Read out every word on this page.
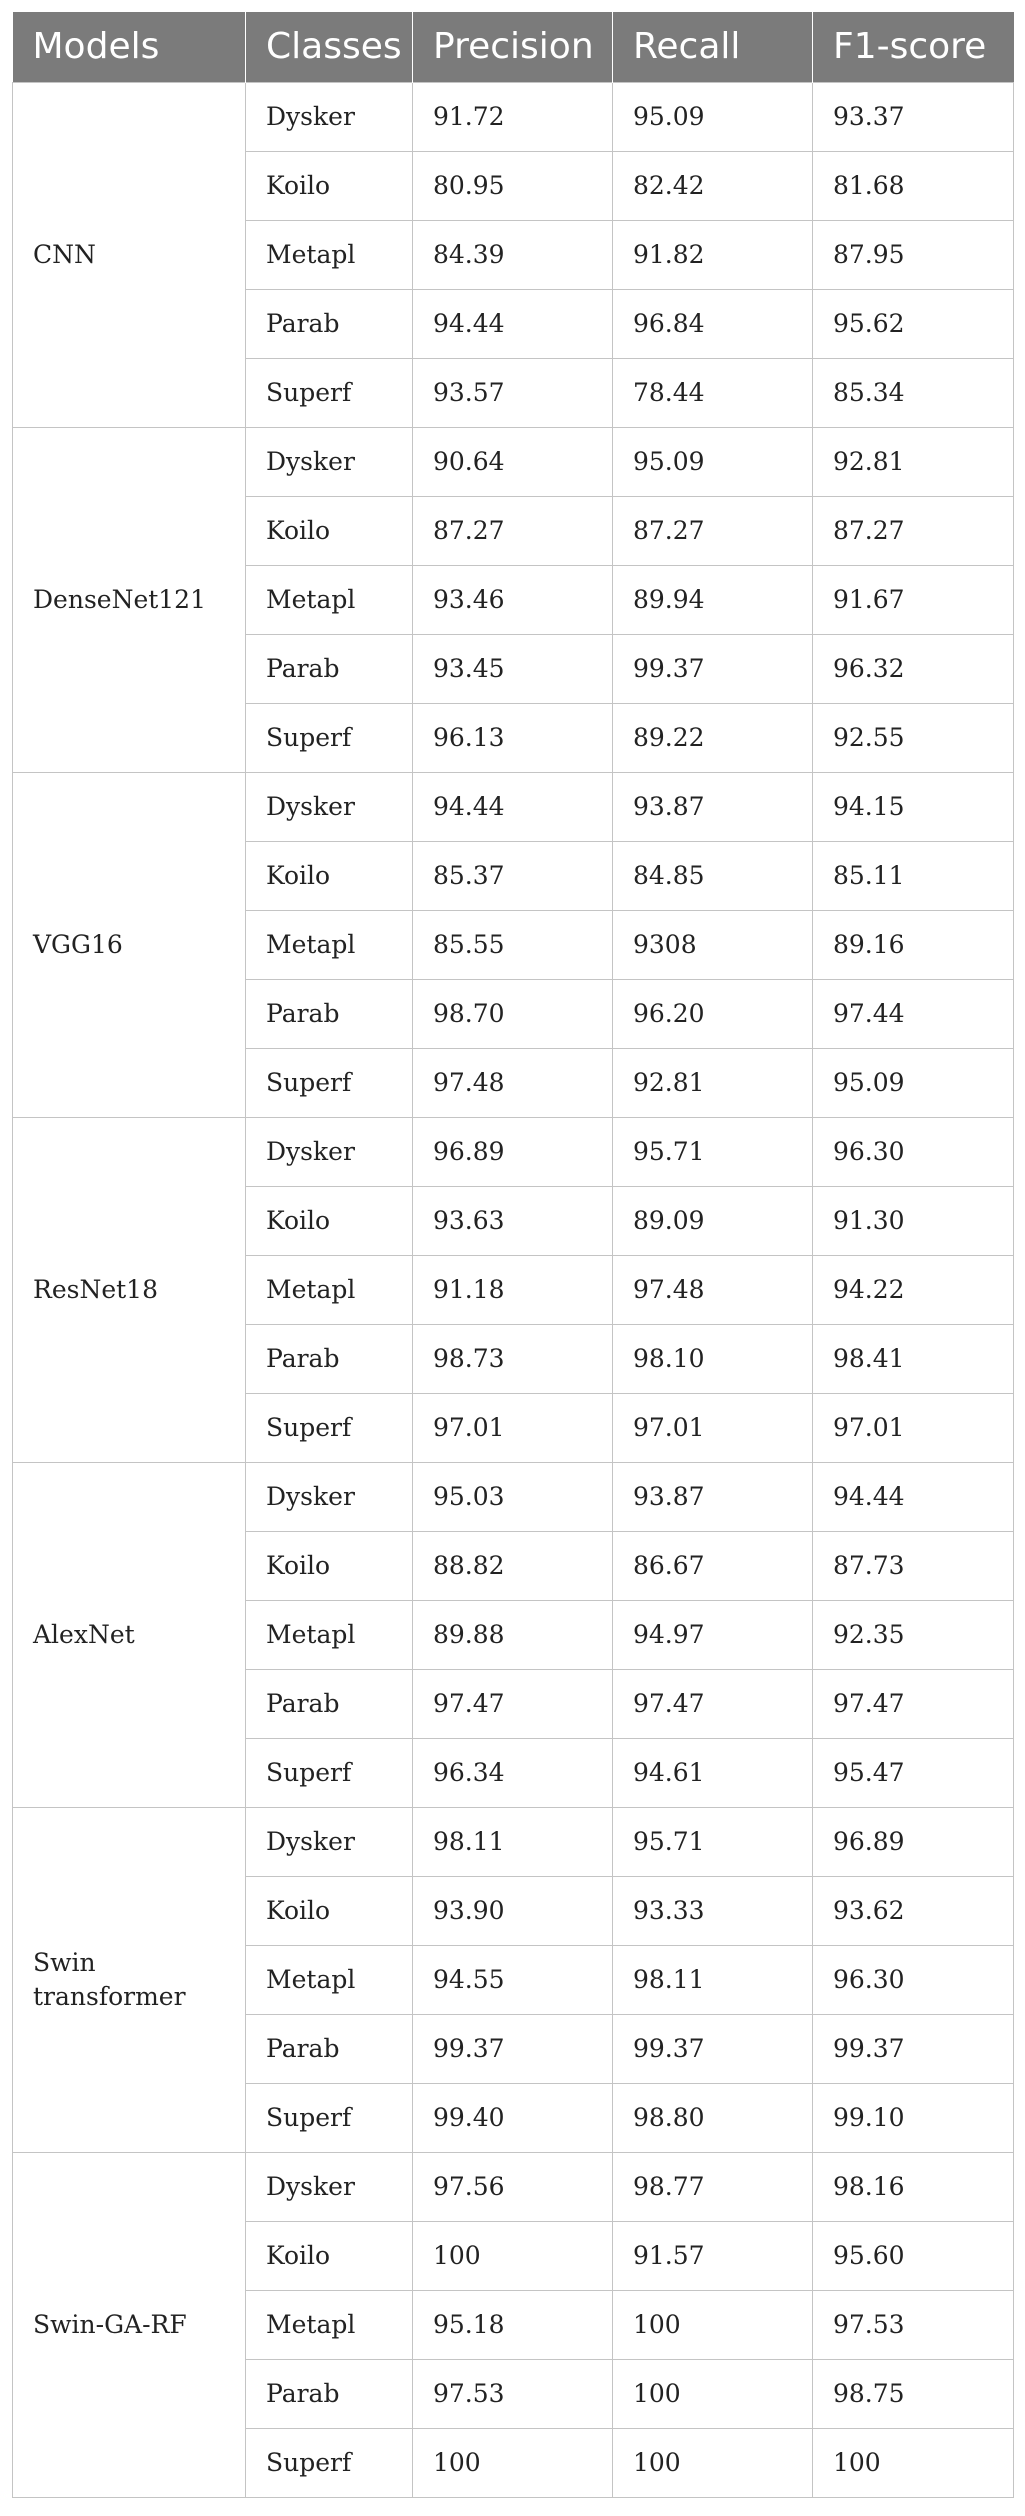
Models	Classes	Precision	Recall	F1-score
CNN	Dysker	91.72	95.09	93.37
	Koilo	80.95	82.42	81.68
	Metapl	84.39	91.82	87.95
	Parab	94.44	96.84	95.62
	Superf	93.57	78.44	85.34
DenseNet121	Dysker	90.64	95.09	92.81
	Koilo	87.27	87.27	87.27
	Metapl	93.46	89.94	91.67
	Parab	93.45	99.37	96.32
	Superf	96.13	89.22	92.55
VGG16	Dysker	94.44	93.87	94.15
	Koilo	85.37	84.85	85.11
	Metapl	85.55	9308	89.16
	Parab	98.70	96.20	97.44
	Superf	97.48	92.81	95.09
ResNet18	Dysker	96.89	95.71	96.30
	Koilo	93.63	89.09	91.30
	Metapl	91.18	97.48	94.22
	Parab	98.73	98.10	98.41
	Superf	97.01	97.01	97.01
AlexNet	Dysker	95.03	93.87	94.44
	Koilo	88.82	86.67	87.73
	Metapl	89.88	94.97	92.35
	Parab	97.47	97.47	97.47
	Superf	96.34	94.61	95.47
Swin transformer	Dysker	98.11	95.71	96.89
	Koilo	93.90	93.33	93.62
	Metapl	94.55	98.11	96.30
	Parab	99.37	99.37	99.37
	Superf	99.40	98.80	99.10
Swin-GA-RF	Dysker	97.56	98.77	98.16
	Koilo	100	91.57	95.60
	Metapl	95.18	100	97.53
	Parab	97.53	100	98.75
	Superf	100	100	100
